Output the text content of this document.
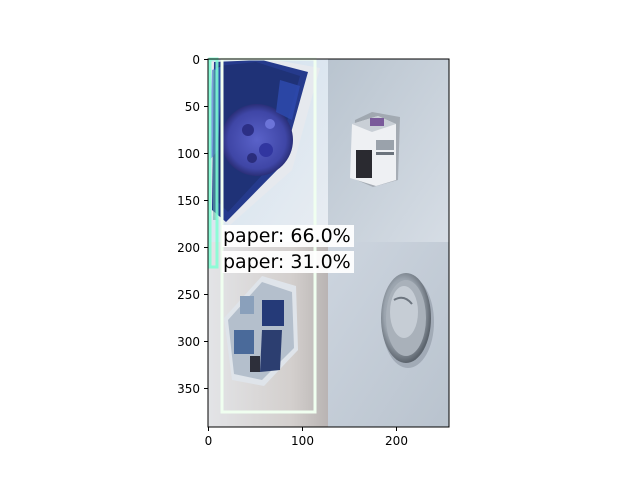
0	100	200
0
50
100
150
200
250
300
350
paper: 66.0%
paper: 31.0%
